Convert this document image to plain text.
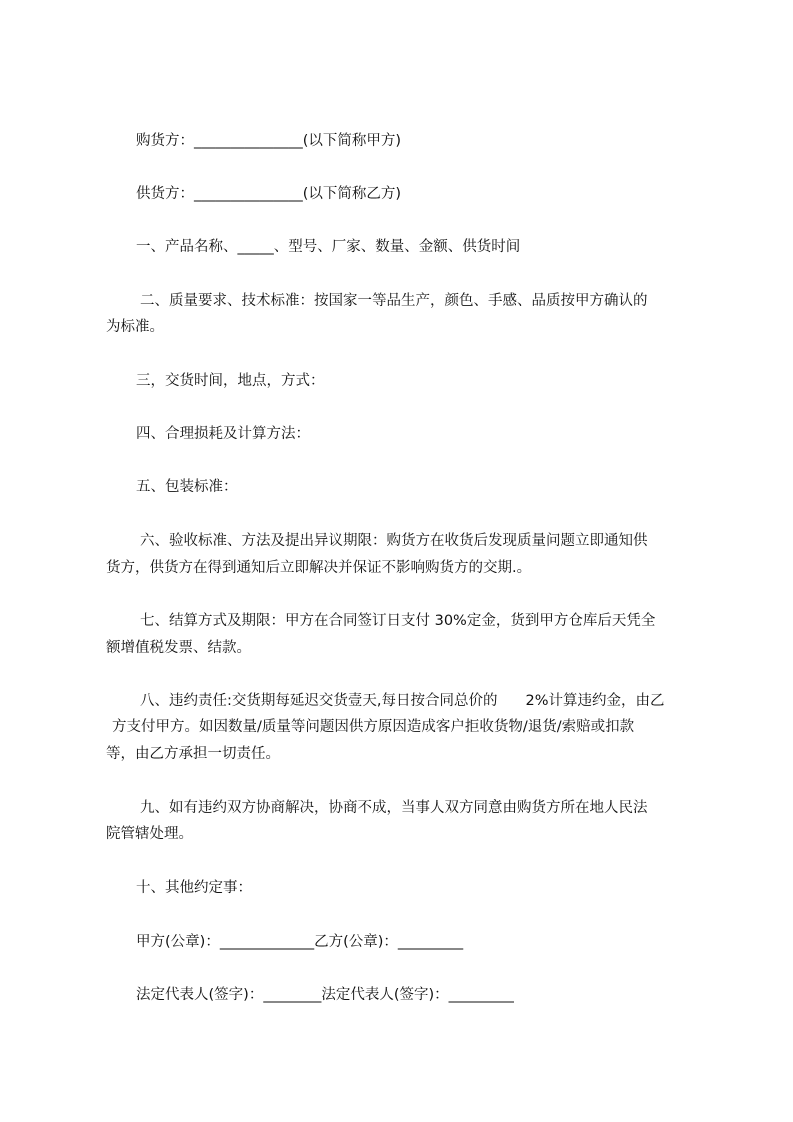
购货方：_______________(以下简称甲方)
供货方：_______________(以下简称乙方)
一、产品名称、_____、型号、厂家、数量、金额、供货时间
二、质量要求、技术标准：按国家一等品生产，颜色、手感、品质按甲方确认的
为标准。
三，交货时间，地点，方式：
四、合理损耗及计算方法：
五、包装标准：
六、验收标准、方法及提出异议期限：购货方在收货后发现质量问题立即通知供
货方，供货方在得到通知后立即解决并保证不影响购货方的交期.。
七、结算方式及期限：甲方在合同签订日支付 30%定金，货到甲方仓库后天凭全
额增值税发票、结款。
八、违约责任:交货期每延迟交货壹天,每日按合同总价的 2%计算违约金，由乙
方支付甲方。如因数量/质量等问题因供方原因造成客户拒收货物/退货/索赔或扣款
等，由乙方承担一切责任。
九、如有违约双方协商解决，协商不成，当事人双方同意由购货方所在地人民法
院管辖处理。
十、其他约定事：
甲方(公章)：_____________乙方(公章)：_________
法定代表人(签字)：________法定代表人(签字)：_________
